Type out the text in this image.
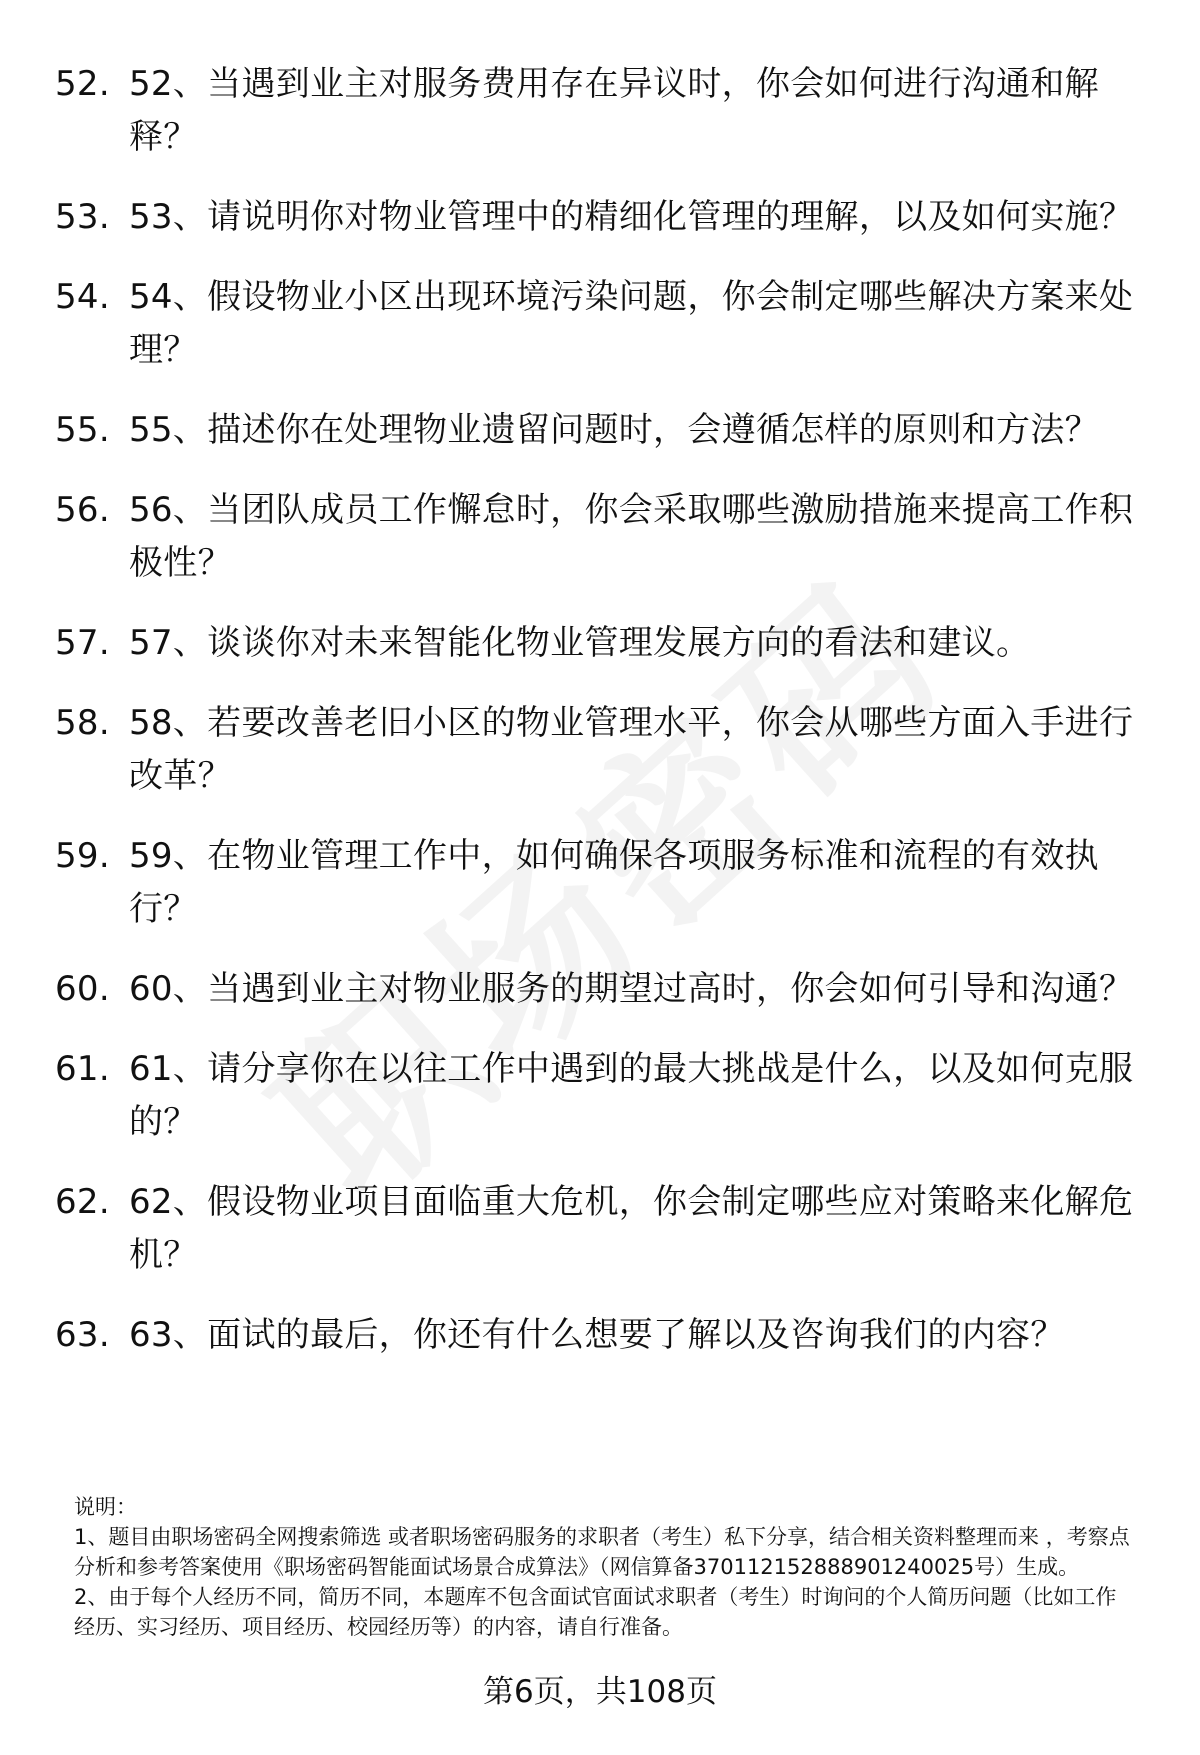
52. 52、当遇到业主对服务费用存在异议时，你会如何进行沟通和解释？
53. 53、请说明你对物业管理中的精细化管理的理解，以及如何实施？
54. 54、假设物业小区出现环境污染问题，你会制定哪些解决方案来处理？
55. 55、描述你在处理物业遗留问题时，会遵循怎样的原则和方法？
56. 56、当团队成员工作懈怠时，你会采取哪些激励措施来提高工作积极性？
57. 57、谈谈你对未来智能化物业管理发展方向的看法和建议。
58. 58、若要改善老旧小区的物业管理水平，你会从哪些方面入手进行改革？
59. 59、在物业管理工作中，如何确保各项服务标准和流程的有效执行？
60. 60、当遇到业主对物业服务的期望过高时，你会如何引导和沟通？
61. 61、请分享你在以往工作中遇到的最大挑战是什么，以及如何克服的？
62. 62、假设物业项目面临重大危机，你会制定哪些应对策略来化解危机？
63. 63、面试的最后，你还有什么想要了解以及咨询我们的内容？

说明：

1、题目由职场密码全网搜索筛选 或者职场密码服务的求职者（考生）私下分享，结合相关资料整理而来 ，考察点分析和参考答案使用《职场密码智能面试场景合成算法》（网信算备370112152888901240025号）生成。

2、由于每个人经历不同，简历不同，本题库不包含面试官面试求职者（考生）时询问的个人简历问题（比如工作经历、实习经历、项目经历、校园经历等）的内容，请自行准备。

第6页，共108页
